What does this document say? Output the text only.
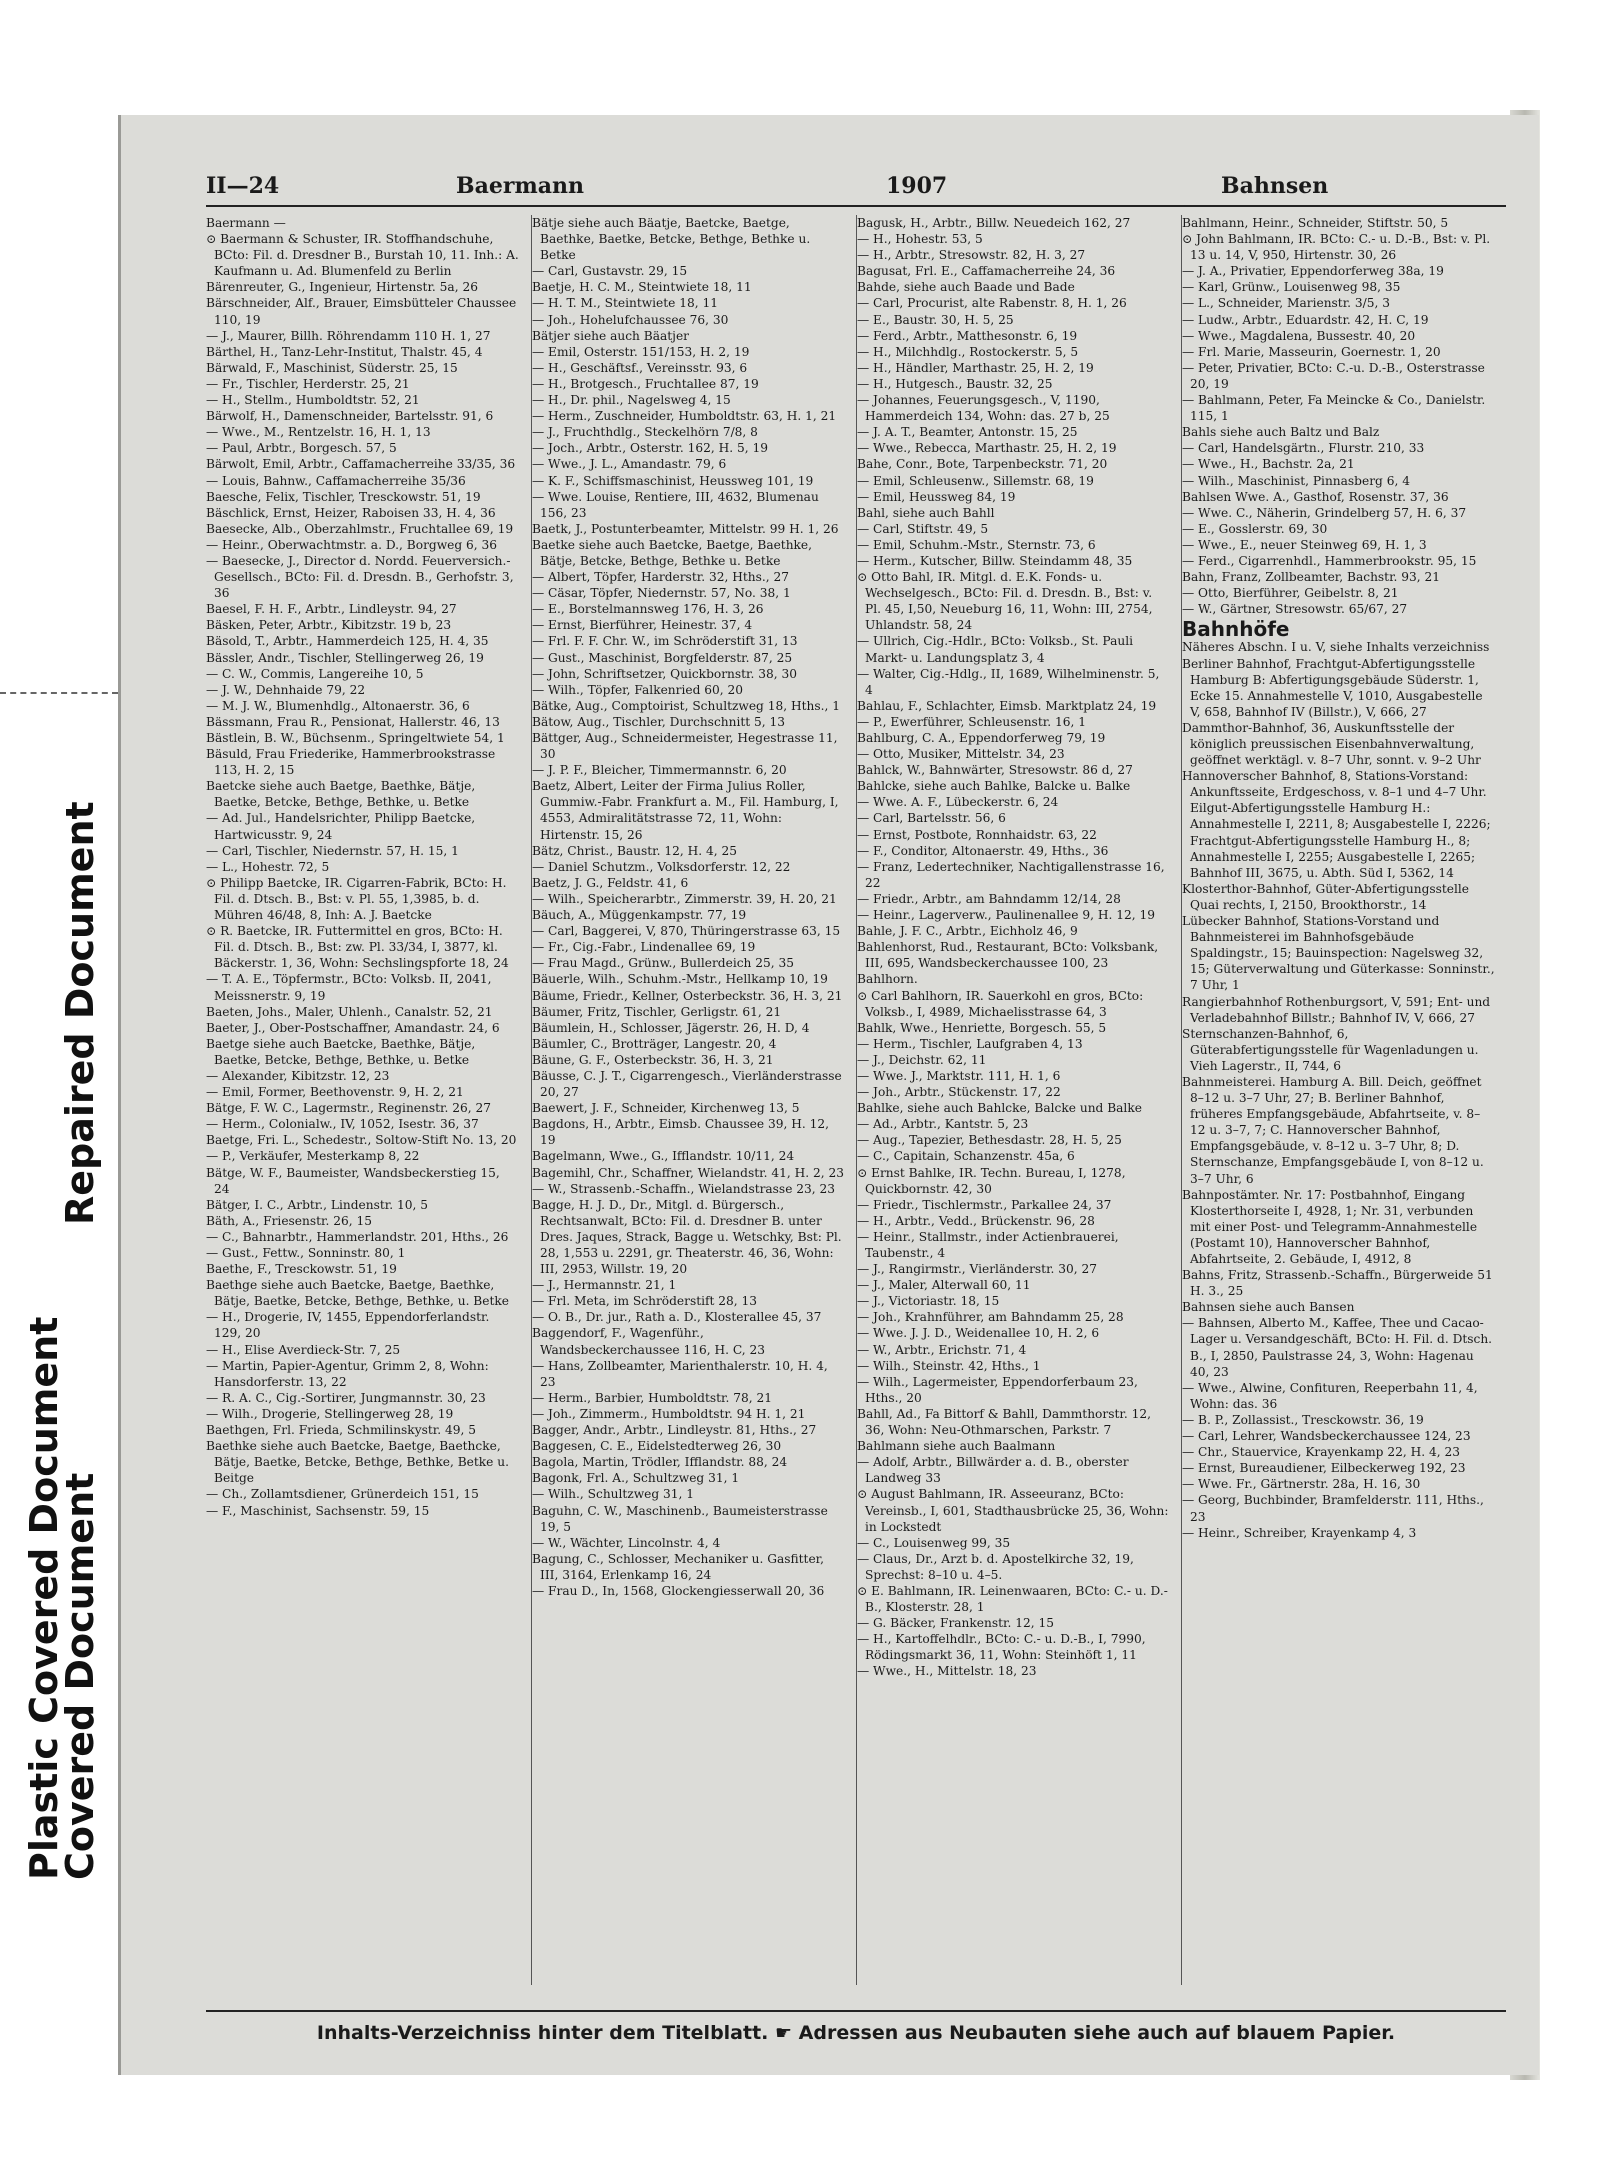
Repaired Document
Plastic Covered Document
Covered Document
II—24	Baermann	1907	Bahnsen
Baermann —
⊙ Baermann & Schuster, IR. Stoffhandschuhe, BCto: Fil. d. Dresdner B., Burstah 10, 11. Inh.: A. Kaufmann u. Ad. Blumenfeld zu Berlin
Bärenreuter, G., Ingenieur, Hirtenstr. 5a, 26
Bärschneider, Alf., Brauer, Eimsbütteler Chaussee 110, 19
— J., Maurer, Billh. Röhrendamm 110 H. 1, 27
Bärthel, H., Tanz-Lehr-Institut, Thalstr. 45, 4
Bärwald, F., Maschinist, Süderstr. 25, 15
— Fr., Tischler, Herderstr. 25, 21
— H., Stellm., Humboldtstr. 52, 21
Bärwolf, H., Damenschneider, Bartelsstr. 91, 6
— Wwe., M., Rentzelstr. 16, H. 1, 13
— Paul, Arbtr., Borgesch. 57, 5
Bärwolt, Emil, Arbtr., Caffamacherreihe 33/35, 36
— Louis, Bahnw., Caffamacherreihe 35/36
Baesche, Felix, Tischler, Tresckowstr. 51, 19
Bäschlick, Ernst, Heizer, Raboisen 33, H. 4, 36
Baesecke, Alb., Oberzahlmstr., Fruchtallee 69, 19
— Heinr., Oberwachtmstr. a. D., Borgweg 6, 36
— Baesecke, J., Director d. Nordd. Feuerversich.-Gesellsch., BCto: Fil. d. Dresdn. B., Gerhofstr. 3, 36
Baesel, F. H. F., Arbtr., Lindleystr. 94, 27
Bäsken, Peter, Arbtr., Kibitzstr. 19 b, 23
Bäsold, T., Arbtr., Hammerdeich 125, H. 4, 35
Bässler, Andr., Tischler, Stellingerweg 26, 19
— C. W., Commis, Langereihe 10, 5
— J. W., Dehnhaide 79, 22
— M. J. W., Blumenhdlg., Altonaerstr. 36, 6
Bässmann, Frau R., Pensionat, Hallerstr. 46, 13
Bästlein, B. W., Büchsenm., Springeltwiete 54, 1
Bäsuld, Frau Friederike, Hammerbrookstrasse 113, H. 2, 15
Baetcke siehe auch Baetge, Baethke, Bätje, Baetke, Betcke, Bethge, Bethke, u. Betke
— Ad. Jul., Handelsrichter, Philipp Baetcke, Hartwicusstr. 9, 24
— Carl, Tischler, Niedernstr. 57, H. 15, 1
— L., Hohestr. 72, 5
⊙ Philipp Baetcke, IR. Cigarren-Fabrik, BCto: H. Fil. d. Dtsch. B., Bst: v. Pl. 55, 1,3985, b. d. Mühren 46/48, 8, Inh: A. J. Baetcke
⊙ R. Baetcke, IR. Futtermittel en gros, BCto: H. Fil. d. Dtsch. B., Bst: zw. Pl. 33/34, I, 3877, kl. Bäckerstr. 1, 36, Wohn: Sechslingspforte 18, 24
— T. A. E., Töpfermstr., BCto: Volksb. II, 2041, Meissnerstr. 9, 19
Baeten, Johs., Maler, Uhlenh., Canalstr. 52, 21
Baeter, J., Ober-Postschaffner, Amandastr. 24, 6
Baetge siehe auch Baetcke, Baethke, Bätje, Baetke, Betcke, Bethge, Bethke, u. Betke
— Alexander, Kibitzstr. 12, 23
— Emil, Former, Beethovenstr. 9, H. 2, 21
Bätge, F. W. C., Lagermstr., Reginenstr. 26, 27
— Herm., Colonialw., IV, 1052, Isestr. 36, 37
Baetge, Fri. L., Schedestr., Soltow-Stift No. 13, 20
— P., Verkäufer, Mesterkamp 8, 22
Bätge, W. F., Baumeister, Wandsbeckerstieg 15, 24
Bätger, I. C., Arbtr., Lindenstr. 10, 5
Bäth, A., Friesenstr. 26, 15
— C., Bahnarbtr., Hammerlandstr. 201, Hths., 26
— Gust., Fettw., Sonninstr. 80, 1
Baethe, F., Tresckowstr. 51, 19
Baethge siehe auch Baetcke, Baetge, Baethke, Bätje, Baetke, Betcke, Bethge, Bethke, u. Betke
— H., Drogerie, IV, 1455, Eppendorferlandstr. 129, 20
— H., Elise Averdieck-Str. 7, 25
— Martin, Papier-Agentur, Grimm 2, 8, Wohn: Hansdorferstr. 13, 22
— R. A. C., Cig.-Sortirer, Jungmannstr. 30, 23
— Wilh., Drogerie, Stellingerweg 28, 19
Baethgen, Frl. Frieda, Schmilinskystr. 49, 5
Baethke siehe auch Baetcke, Baetge, Baethcke, Bätje, Baetke, Betcke, Bethge, Bethke, Betke u. Beitge
— Ch., Zollamtsdiener, Grünerdeich 151, 15
— F., Maschinist, Sachsenstr. 59, 15
Bätje siehe auch Bäatje, Baetcke, Baetge, Baethke, Baetke, Betcke, Bethge, Bethke u. Betke
— Carl, Gustavstr. 29, 15
Baetje, H. C. M., Steintwiete 18, 11
— H. T. M., Steintwiete 18, 11
— Joh., Hohelufchaussee 76, 30
Bätjer siehe auch Bäatjer
— Emil, Osterstr. 151/153, H. 2, 19
— H., Geschäftsf., Vereinsstr. 93, 6
— H., Brotgesch., Fruchtallee 87, 19
— H., Dr. phil., Nagelsweg 4, 15
— Herm., Zuschneider, Humboldtstr. 63, H. 1, 21
— J., Fruchthdlg., Steckelhörn 7/8, 8
— Joch., Arbtr., Osterstr. 162, H. 5, 19
— Wwe., J. L., Amandastr. 79, 6
— K. F., Schiffsmaschinist, Heussweg 101, 19
— Wwe. Louise, Rentiere, III, 4632, Blumenau 156, 23
Baetk, J., Postunterbeamter, Mittelstr. 99 H. 1, 26
Baetke siehe auch Baetcke, Baetge, Baethke, Bätje, Betcke, Bethge, Bethke u. Betke
— Albert, Töpfer, Harderstr. 32, Hths., 27
— Cäsar, Töpfer, Niedernstr. 57, No. 38, 1
— E., Borstelmannsweg 176, H. 3, 26
— Ernst, Bierführer, Heinestr. 37, 4
— Frl. F. F. Chr. W., im Schröderstift 31, 13
— Gust., Maschinist, Borgfelderstr. 87, 25
— John, Schriftsetzer, Quickbornstr. 38, 30
— Wilh., Töpfer, Falkenried 60, 20
Bätke, Aug., Comptoirist, Schultzweg 18, Hths., 1
Bätow, Aug., Tischler, Durchschnitt 5, 13
Bättger, Aug., Schneidermeister, Hegestrasse 11, 30
— J. P. F., Bleicher, Timmermannstr. 6, 20
Baetz, Albert, Leiter der Firma Julius Roller, Gummiw.-Fabr. Frankfurt a. M., Fil. Hamburg, I, 4553, Admiralitätstrasse 72, 11, Wohn: Hirtenstr. 15, 26
Bätz, Christ., Baustr. 12, H. 4, 25
— Daniel Schutzm., Volksdorferstr. 12, 22
Baetz, J. G., Feldstr. 41, 6
— Wilh., Speicherarbtr., Zimmerstr. 39, H. 20, 21
Bäuch, A., Müggenkampstr. 77, 19
— Carl, Baggerei, V, 870, Thüringerstrasse 63, 15
— Fr., Cig.-Fabr., Lindenallee 69, 19
— Frau Magd., Grünw., Bullerdeich 25, 35
Bäuerle, Wilh., Schuhm.-Mstr., Hellkamp 10, 19
Bäume, Friedr., Kellner, Osterbeckstr. 36, H. 3, 21
Bäumer, Fritz, Tischler, Gerligstr. 61, 21
Bäumlein, H., Schlosser, Jägerstr. 26, H. D, 4
Bäumler, C., Brotträger, Langestr. 20, 4
Bäune, G. F., Osterbeckstr. 36, H. 3, 21
Bäusse, C. J. T., Cigarrengesch., Vierländerstrasse 20, 27
Baewert, J. F., Schneider, Kirchenweg 13, 5
Bagdons, H., Arbtr., Eimsb. Chaussee 39, H. 12, 19
Bagelmann, Wwe., G., Ifflandstr. 10/11, 24
Bagemihl, Chr., Schaffner, Wielandstr. 41, H. 2, 23
— W., Strassenb.-Schaffn., Wielandstrasse 23, 23
Bagge, H. J. D., Dr., Mitgl. d. Bürgersch., Rechtsanwalt, BCto: Fil. d. Dresdner B. unter Dres. Jaques, Strack, Bagge u. Wetschky, Bst: Pl. 28, 1,553 u. 2291, gr. Theaterstr. 46, 36, Wohn: III, 2953, Willstr. 19, 20
— J., Hermannstr. 21, 1
— Frl. Meta, im Schröderstift 28, 13
— O. B., Dr. jur., Rath a. D., Klosterallee 45, 37
Baggendorf, F., Wagenführ., Wandsbeckerchaussee 116, H. C, 23
— Hans, Zollbeamter, Marienthalerstr. 10, H. 4, 23
— Herm., Barbier, Humboldtstr. 78, 21
— Joh., Zimmerm., Humboldtstr. 94 H. 1, 21
Bagger, Andr., Arbtr., Lindleystr. 81, Hths., 27
Baggesen, C. E., Eidelstedterweg 26, 30
Bagola, Martin, Trödler, Ifflandstr. 88, 24
Bagonk, Frl. A., Schultzweg 31, 1
— Wilh., Schultzweg 31, 1
Baguhn, C. W., Maschinenb., Baumeisterstrasse 19, 5
— W., Wächter, Lincolnstr. 4, 4
Bagung, C., Schlosser, Mechaniker u. Gasfitter, III, 3164, Erlenkamp 16, 24
— Frau D., In, 1568, Glockengiesserwall 20, 36
Bagusk, H., Arbtr., Billw. Neuedeich 162, 27
— H., Hohestr. 53, 5
— H., Arbtr., Stresowstr. 82, H. 3, 27
Bagusat, Frl. E., Caffamacherreihe 24, 36
Bahde, siehe auch Baade und Bade
— Carl, Procurist, alte Rabenstr. 8, H. 1, 26
— E., Baustr. 30, H. 5, 25
— Ferd., Arbtr., Matthesonstr. 6, 19
— H., Milchhdlg., Rostockerstr. 5, 5
— H., Händler, Marthastr. 25, H. 2, 19
— H., Hutgesch., Baustr. 32, 25
— Johannes, Feuerungsgesch., V, 1190, Hammerdeich 134, Wohn: das. 27 b, 25
— J. A. T., Beamter, Antonstr. 15, 25
— Wwe., Rebecca, Marthastr. 25, H. 2, 19
Bahe, Conr., Bote, Tarpenbeckstr. 71, 20
— Emil, Schleusenw., Sillemstr. 68, 19
— Emil, Heussweg 84, 19
Bahl, siehe auch Bahll
— Carl, Stiftstr. 49, 5
— Emil, Schuhm.-Mstr., Sternstr. 73, 6
— Herm., Kutscher, Billw. Steindamm 48, 35
⊙ Otto Bahl, IR. Mitgl. d. E.K. Fonds- u. Wechselgesch., BCto: Fil. d. Dresdn. B., Bst: v. Pl. 45, I,50, Neueburg 16, 11, Wohn: III, 2754, Uhlandstr. 58, 24
— Ullrich, Cig.-Hdlr., BCto: Volksb., St. Pauli Markt- u. Landungsplatz 3, 4
— Walter, Cig.-Hdlg., II, 1689, Wilhelminenstr. 5, 4
Bahlau, F., Schlachter, Eimsb. Marktplatz 24, 19
— P., Ewerführer, Schleusenstr. 16, 1
Bahlburg, C. A., Eppendorferweg 79, 19
— Otto, Musiker, Mittelstr. 34, 23
Bahlck, W., Bahnwärter, Stresowstr. 86 d, 27
Bahlcke, siehe auch Bahlke, Balcke u. Balke
— Wwe. A. F., Lübeckerstr. 6, 24
— Carl, Bartelsstr. 56, 6
— Ernst, Postbote, Ronnhaidstr. 63, 22
— F., Conditor, Altonaerstr. 49, Hths., 36
— Franz, Ledertechniker, Nachtigallenstrasse 16, 22
— Friedr., Arbtr., am Bahndamm 12/14, 28
— Heinr., Lagerverw., Paulinenallee 9, H. 12, 19
Bahle, J. F. C., Arbtr., Eichholz 46, 9
Bahlenhorst, Rud., Restaurant, BCto: Volksbank, III, 695, Wandsbeckerchaussee 100, 23
Bahlhorn.
⊙ Carl Bahlhorn, IR. Sauerkohl en gros, BCto: Volksb., I, 4989, Michaelisstrasse 64, 3
Bahlk, Wwe., Henriette, Borgesch. 55, 5
— Herm., Tischler, Laufgraben 4, 13
— J., Deichstr. 62, 11
— Wwe. J., Marktstr. 111, H. 1, 6
— Joh., Arbtr., Stückenstr. 17, 22
Bahlke, siehe auch Bahlcke, Balcke und Balke
— Ad., Arbtr., Kantstr. 5, 23
— Aug., Tapezier, Bethesdastr. 28, H. 5, 25
— C., Capitain, Schanzenstr. 45a, 6
⊙ Ernst Bahlke, IR. Techn. Bureau, I, 1278, Quickbornstr. 42, 30
— Friedr., Tischlermstr., Parkallee 24, 37
— H., Arbtr., Vedd., Brückenstr. 96, 28
— Heinr., Stallmstr., inder Actienbrauerei, Taubenstr., 4
— J., Rangirmstr., Vierländerstr. 30, 27
— J., Maler, Alterwall 60, 11
— J., Victoriastr. 18, 15
— Joh., Krahnführer, am Bahndamm 25, 28
— Wwe. J. J. D., Weidenallee 10, H. 2, 6
— W., Arbtr., Erichstr. 71, 4
— Wilh., Steinstr. 42, Hths., 1
— Wilh., Lagermeister, Eppendorferbaum 23, Hths., 20
Bahll, Ad., Fa Bittorf & Bahll, Dammthorstr. 12, 36, Wohn: Neu-Othmarschen, Parkstr. 7
Bahlmann siehe auch Baalmann
— Adolf, Arbtr., Billwärder a. d. B., oberster Landweg 33
⊙ August Bahlmann, IR. Asseeuranz, BCto: Vereinsb., I, 601, Stadthausbrücke 25, 36, Wohn: in Lockstedt
— C., Louisenweg 99, 35
— Claus, Dr., Arzt b. d. Apostelkirche 32, 19, Sprechst: 8–10 u. 4–5.
⊙ E. Bahlmann, IR. Leinenwaaren, BCto: C.- u. D.-B., Klosterstr. 28, 1
— G. Bäcker, Frankenstr. 12, 15
— H., Kartoffelhdlr., BCto: C.- u. D.-B., I, 7990, Rödingsmarkt 36, 11, Wohn: Steinhöft 1, 11
— Wwe., H., Mittelstr. 18, 23
Bahlmann, Heinr., Schneider, Stiftstr. 50, 5
⊙ John Bahlmann, IR. BCto: C.- u. D.-B., Bst: v. Pl. 13 u. 14, V, 950, Hirtenstr. 30, 26
— J. A., Privatier, Eppendorferweg 38a, 19
— Karl, Grünw., Louisenweg 98, 35
— L., Schneider, Marienstr. 3/5, 3
— Ludw., Arbtr., Eduardstr. 42, H. C, 19
— Wwe., Magdalena, Bussestr. 40, 20
— Frl. Marie, Masseurin, Goernestr. 1, 20
— Peter, Privatier, BCto: C.-u. D.-B., Osterstrasse 20, 19
— Bahlmann, Peter, Fa Meincke & Co., Danielstr. 115, 1
Bahls siehe auch Baltz und Balz
— Carl, Handelsgärtn., Flurstr. 210, 33
— Wwe., H., Bachstr. 2a, 21
— Wilh., Maschinist, Pinnasberg 6, 4
Bahlsen Wwe. A., Gasthof, Rosenstr. 37, 36
— Wwe. C., Näherin, Grindelberg 57, H. 6, 37
— E., Gosslerstr. 69, 30
— Wwe., E., neuer Steinweg 69, H. 1, 3
— Ferd., Cigarrenhdl., Hammerbrookstr. 95, 15
Bahn, Franz, Zollbeamter, Bachstr. 93, 21
— Otto, Bierführer, Geibelstr. 8, 21
— W., Gärtner, Stresowstr. 65/67, 27
Bahnhöfe
Näheres Abschn. I u. V, siehe Inhalts verzeichniss
Berliner Bahnhof, Frachtgut-Abfertigungsstelle Hamburg B: Abfertigungsgebäude Süderstr. 1, Ecke 15. Annahmestelle V, 1010, Ausgabestelle V, 658, Bahnhof IV (Billstr.), V, 666, 27
Dammthor-Bahnhof, 36, Auskunftsstelle der königlich preussischen Eisenbahnverwaltung, geöffnet werktägl. v. 8–7 Uhr, sonnt. v. 9–2 Uhr
Hannoverscher Bahnhof, 8, Stations-Vorstand: Ankunftsseite, Erdgeschoss, v. 8–1 und 4–7 Uhr. Eilgut-Abfertigungsstelle Hamburg H.: Annahmestelle I, 2211, 8; Ausgabestelle I, 2226; Frachtgut-Abfertigungsstelle Hamburg H., 8; Annahmestelle I, 2255; Ausgabestelle I, 2265; Bahnhof III, 3675, u. Abth. Süd I, 5362, 14
Klosterthor-Bahnhof, Güter-Abfertigungsstelle Quai rechts, I, 2150, Brookthorstr., 14
Lübecker Bahnhof, Stations-Vorstand und Bahnmeisterei im Bahnhofsgebäude Spaldingstr., 15; Bauinspection: Nagelsweg 32, 15; Güterverwaltung und Güterkasse: Sonninstr., 7 Uhr, 1
Rangierbahnhof Rothenburgsort, V, 591; Ent- und Verladebahnhof Billstr.; Bahnhof IV, V, 666, 27
Sternschanzen-Bahnhof, 6, Güterabfertigungsstelle für Wagenladungen u. Vieh Lagerstr., II, 744, 6
Bahnmeisterei. Hamburg A. Bill. Deich, geöffnet 8–12 u. 3–7 Uhr, 27; B. Berliner Bahnhof, früheres Empfangsgebäude, Abfahrtseite, v. 8–12 u. 3–7, 7; C. Hannoverscher Bahnhof, Empfangsgebäude, v. 8–12 u. 3–7 Uhr, 8; D. Sternschanze, Empfangsgebäude I, von 8–12 u. 3–7 Uhr, 6
Bahnpostämter. Nr. 17: Postbahnhof, Eingang Klosterthorseite I, 4928, 1; Nr. 31, verbunden mit einer Post- und Telegramm-Annahmestelle (Postamt 10), Hannoverscher Bahnhof, Abfahrtseite, 2. Gebäude, I, 4912, 8
Bahns, Fritz, Strassenb.-Schaffn., Bürgerweide 51 H. 3., 25
Bahnsen siehe auch Bansen
— Bahnsen, Alberto M., Kaffee, Thee und Cacao-Lager u. Versandgeschäft, BCto: H. Fil. d. Dtsch. B., I, 2850, Paulstrasse 24, 3, Wohn: Hagenau 40, 23
— Wwe., Alwine, Confituren, Reeperbahn 11, 4, Wohn: das. 36
— B. P., Zollassist., Tresckowstr. 36, 19
— Carl, Lehrer, Wandsbeckerchaussee 124, 23
— Chr., Stauervice, Krayenkamp 22, H. 4, 23
— Ernst, Bureaudiener, Eilbeckerweg 192, 23
— Wwe. Fr., Gärtnerstr. 28a, H. 16, 30
— Georg, Buchbinder, Bramfelderstr. 111, Hths., 23
— Heinr., Schreiber, Krayenkamp 4, 3
Inhalts-Verzeichniss hinter dem Titelblatt. ☛ Adressen aus Neubauten siehe auch auf blauem Papier.
